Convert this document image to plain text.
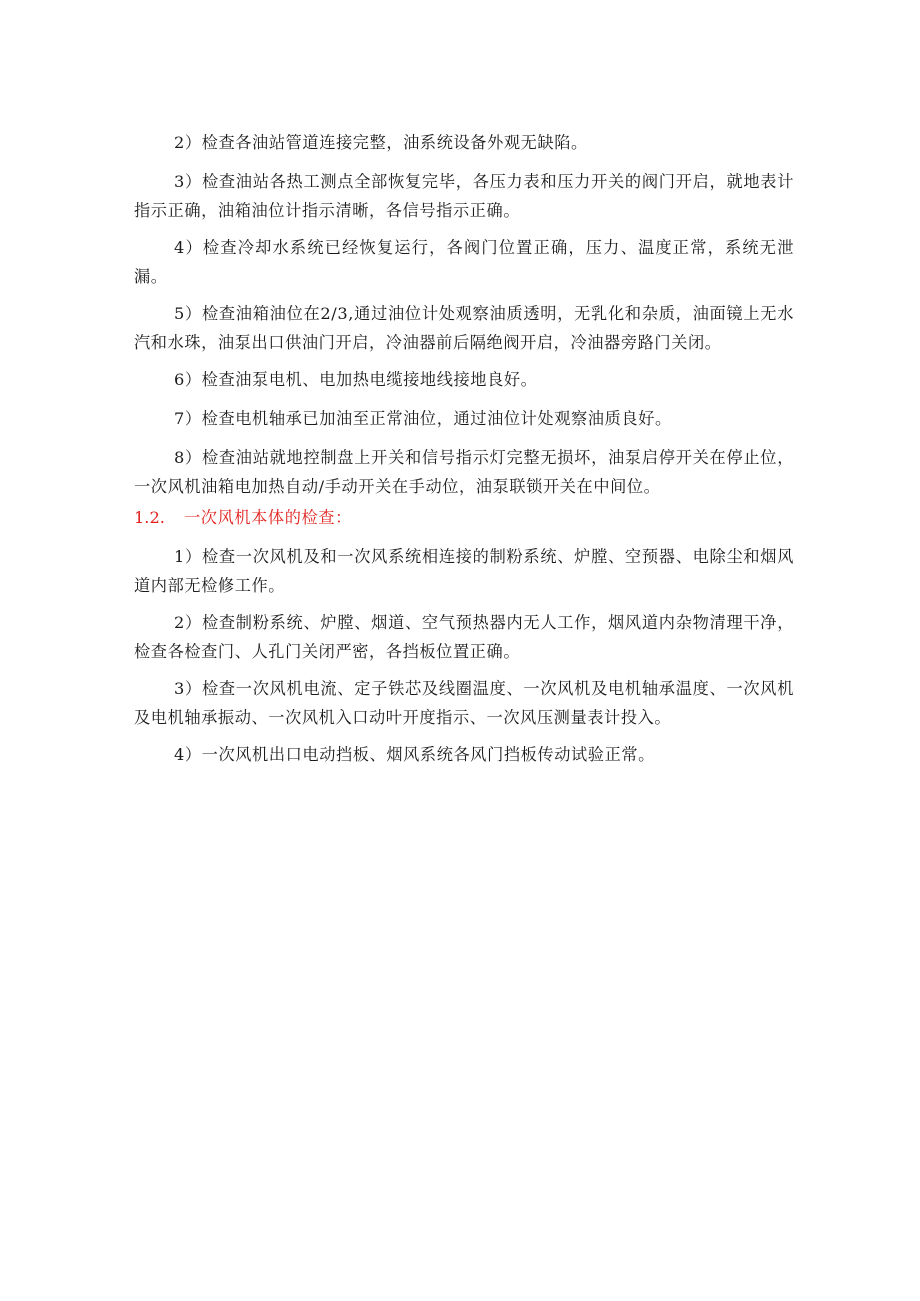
2）检查各油站管道连接完整，油系统设备外观无缺陷。

3）检查油站各热工测点全部恢复完毕，各压力表和压力开关的阀门开启，就地表计指示正确，油箱油位计指示清晰，各信号指示正确。

4）检查冷却水系统已经恢复运行，各阀门位置正确，压力、温度正常，系统无泄漏。

5）检查油箱油位在2/3,通过油位计处观察油质透明，无乳化和杂质，油面镜上无水汽和水珠，油泵出口供油门开启，冷油器前后隔绝阀开启，冷油器旁路门关闭。

6）检查油泵电机、电加热电缆接地线接地良好。

7）检查电机轴承已加油至正常油位，通过油位计处观察油质良好。

8）检查油站就地控制盘上开关和信号指示灯完整无损坏，油泵启停开关在停止位，一次风机油箱电加热自动/手动开关在手动位，油泵联锁开关在中间位。

1.2. 一次风机本体的检查：

1）检查一次风机及和一次风系统相连接的制粉系统、炉膛、空预器、电除尘和烟风道内部无检修工作。

2）检查制粉系统、炉膛、烟道、空气预热器内无人工作，烟风道内杂物清理干净，检查各检查门、人孔门关闭严密，各挡板位置正确。

3）检查一次风机电流、定子铁芯及线圈温度、一次风机及电机轴承温度、一次风机及电机轴承振动、一次风机入口动叶开度指示、一次风压测量表计投入。

4）一次风机出口电动挡板、烟风系统各风门挡板传动试验正常。
